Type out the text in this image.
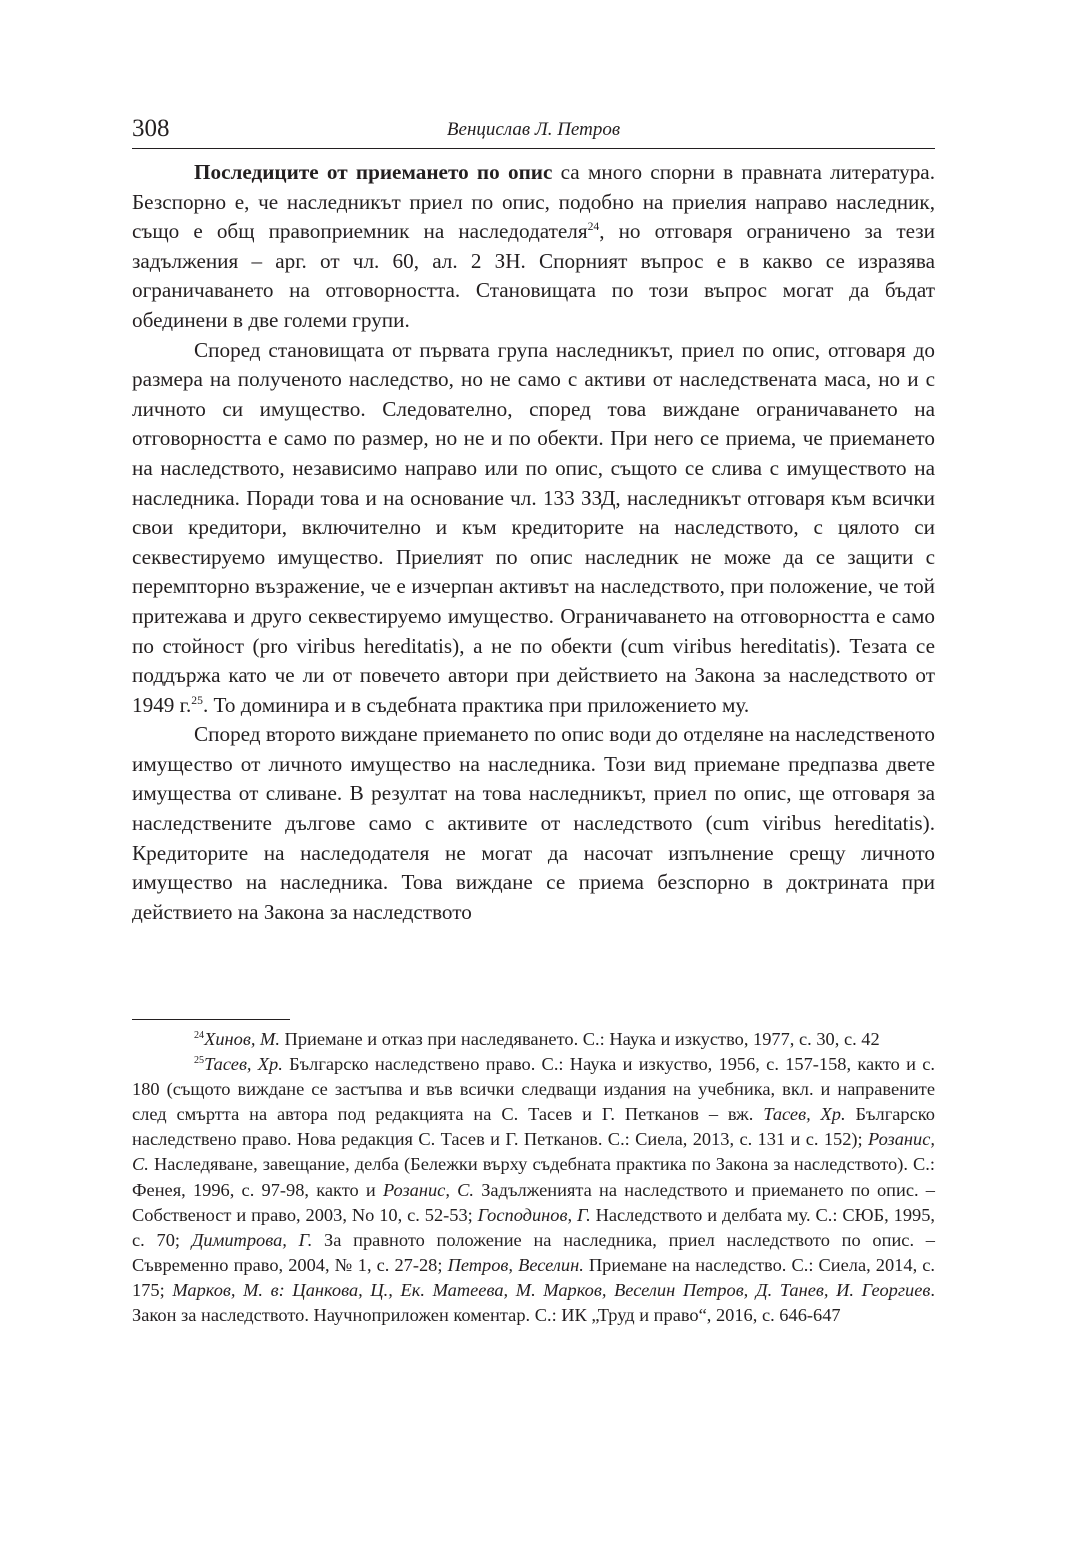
308	Венцислав Л. Петров

Последиците от приемането по опис са много спорни в правната литература. Безспорно е, че наследникът приел по опис, подобно на приелия направо наследник, също е общ правоприемник на наследодателя$^{24}$, но отговаря ограничено за тези задължения – арг. от чл. 60, ал. 2 ЗН. Спорният въпрос е в какво се изразява ограничаването на отговорността. Становищата по този въпрос могат да бъдат обединени в две големи групи.

Според становищата от първата група наследникът, приел по опис, отговаря до размера на полученото наследство, но не само с активи от наследствената маса, но и с личното си имущество. Следователно, според това виждане ограничаването на отговорността е само по размер, но не и по обекти. При него се приема, че приемането на наследството, независимо направо или по опис, същото се слива с имуществото на наследника. Поради това и на основание чл. 133 ЗЗД, наследникът отговаря към всички свои кредитори, включително и към кредиторите на наследството, с цялото си секвестируемо имущество. Приелият по опис наследник не може да се защити с перемпторно възражение, че е изчерпан активът на наследството, при положение, че той притежава и друго секвестируемо имущество. Ограничаването на отговорността е само по стойност (pro viribus hereditatis), а не по обекти (cum viribus hereditatis). Тезата се поддържа като че ли от повечето автори при действието на Закона за наследството от 1949 г.$^{25}$. То доминира и в съдебната практика при приложението му.

Според второто виждане приемането по опис води до отделяне на наследственото имущество от личното имущество на наследника. Този вид приемане предпазва двете имущества от сливане. В резултат на това наследникът, приел по опис, ще отговаря за наследствените дългове само с активите от наследството (cum viribus hereditatis). Кредиторите на наследодателя не могат да насочат изпълнение срещу личното имущество на наследника. Това виждане се приема безспорно в доктрината при действието на Закона за наследството

$^{24}$Хинов, М. Приемане и отказ при наследяването. С.: Наука и изкуство, 1977, с. 30, с. 42

$^{25}$Тасев, Хр. Българско наследствено право. С.: Наука и изкуство, 1956, с. 157-158, както и с. 180 (същото виждане се застъпва и във всички следващи издания на учебника, вкл. и направените след смъртта на автора под редакцията на С. Тасев и Г. Петканов – вж. Тасев, Хр. Българско наследствено право. Нова редакция С. Тасев и Г. Петканов. С.: Сиела, 2013, с. 131 и с. 152); Розанис, С. Наследяване, завещание, делба (Бележки върху съдебната практика по Закона за наследството). С.: Фенея, 1996, с. 97-98, както и Розанис, С. Задълженията на наследството и приемането по опис. – Собственост и право, 2003, No 10, с. 52-53; Господинов, Г. Наследството и делбата му. С.: СЮБ, 1995, с. 70; Димитрова, Г. За правното положение на наследника, приел наследството по опис. – Съвременно право, 2004, № 1, с. 27-28; Петров, Веселин. Приемане на наследство. С.: Сиела, 2014, с. 175; Марков, М. в: Цанкова, Ц., Ек. Матеева, М. Марков, Веселин Петров, Д. Танев, И. Георгиев. Закон за наследството. Научноприложен коментар. С.: ИК „Труд и право“, 2016, с. 646-647
